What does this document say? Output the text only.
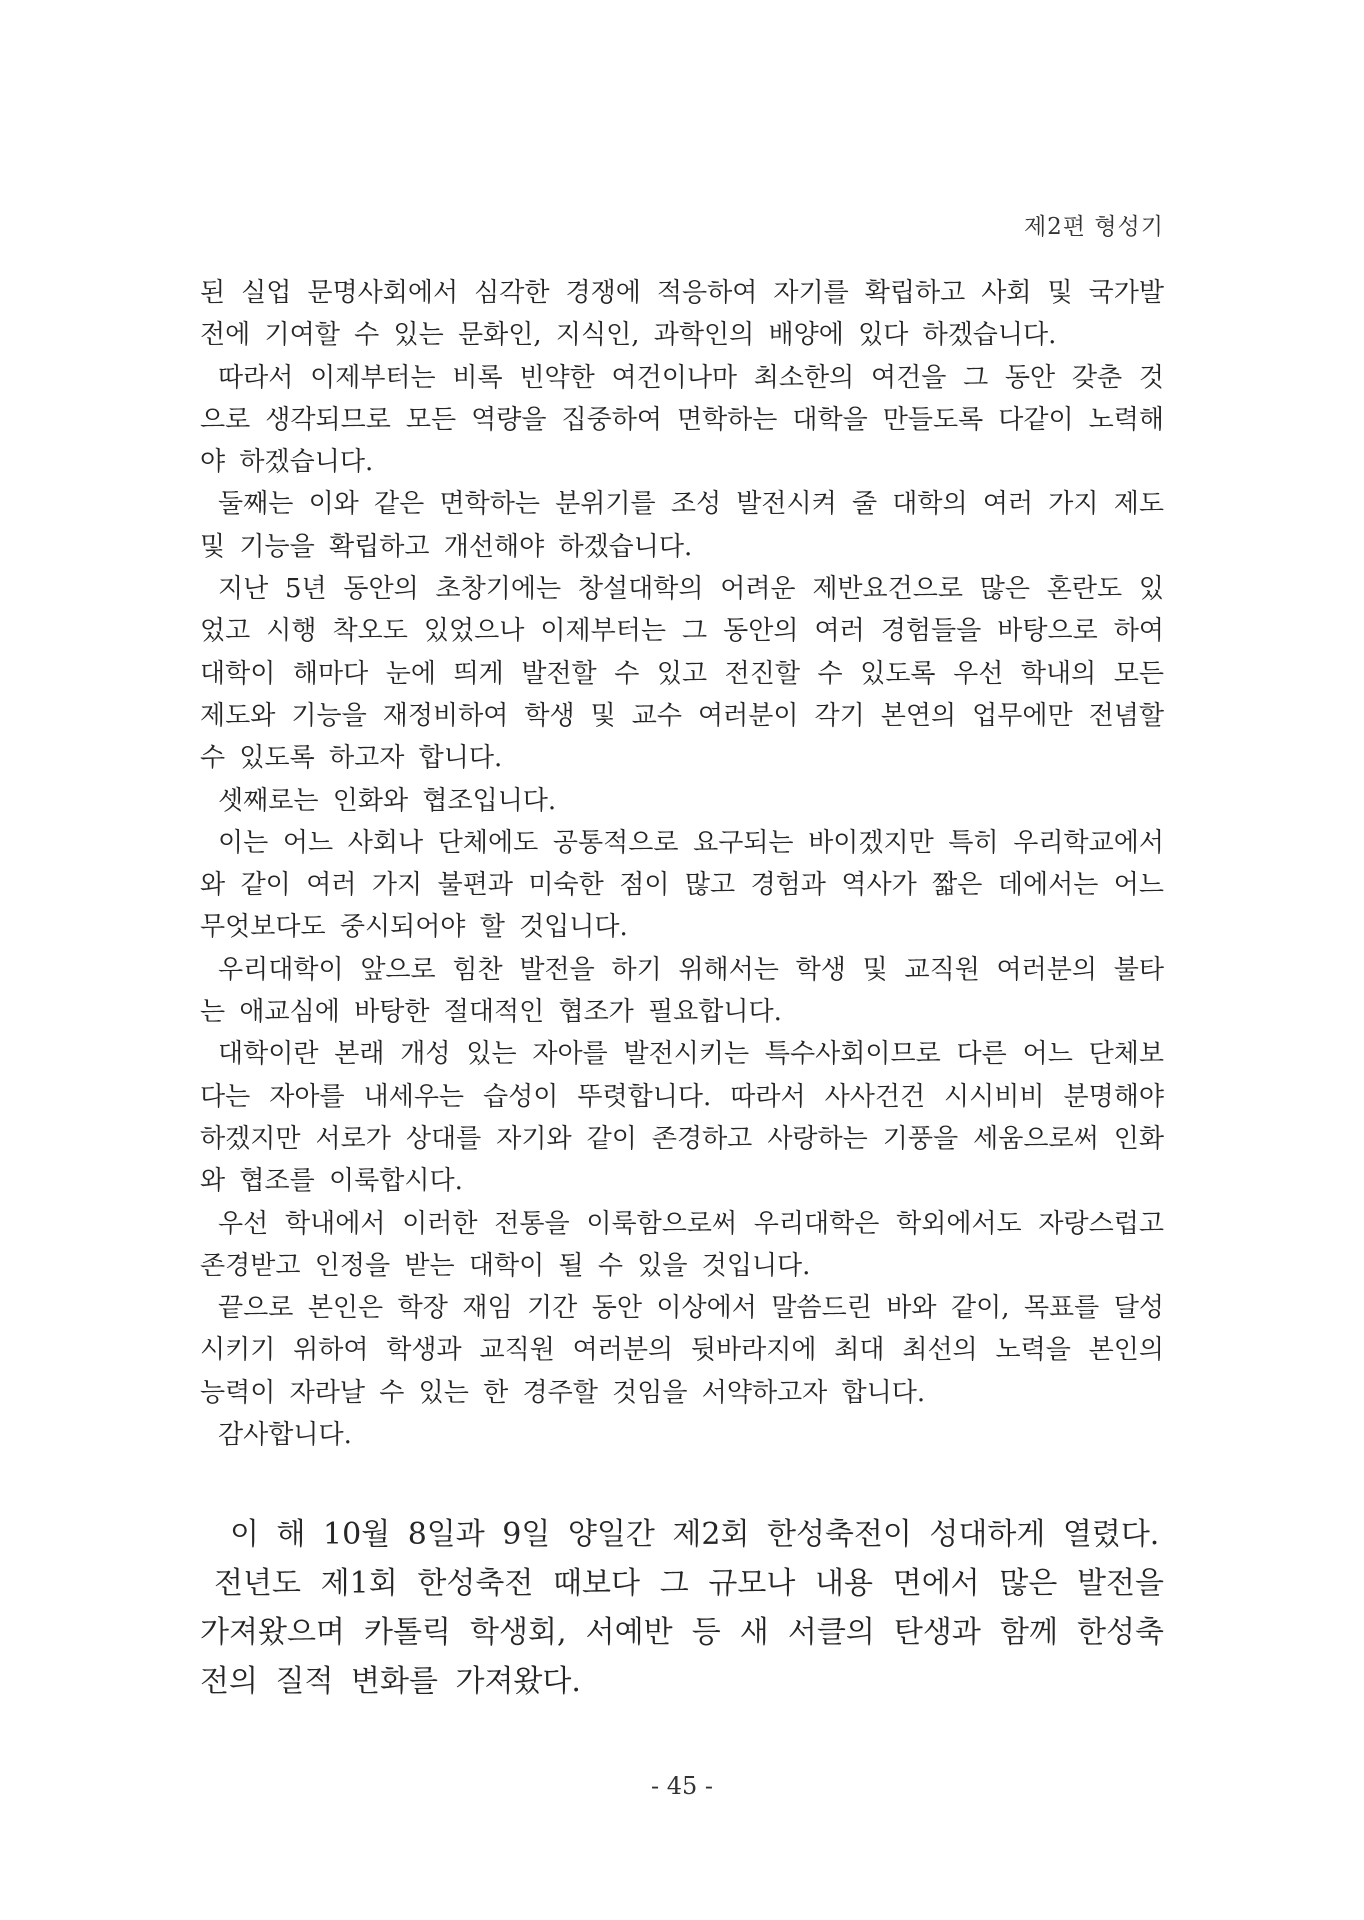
제2편 형성기

된 실업 문명사회에서 심각한 경쟁에 적응하여 자기를 확립하고 사회 및 국가발전에 기여할 수 있는 문화인, 지식인, 과학인의 배양에 있다 하겠습니다.

따라서 이제부터는 비록 빈약한 여건이나마 최소한의 여건을 그 동안 갖춘 것으로 생각되므로 모든 역량을 집중하여 면학하는 대학을 만들도록 다같이 노력해야 하겠습니다.

둘째는 이와 같은 면학하는 분위기를 조성 발전시켜 줄 대학의 여러 가지 제도 및 기능을 확립하고 개선해야 하겠습니다.

지난 5년 동안의 초창기에는 창설대학의 어려운 제반요건으로 많은 혼란도 있었고 시행 착오도 있었으나 이제부터는 그 동안의 여러 경험들을 바탕으로 하여 대학이 해마다 눈에 띄게 발전할 수 있고 전진할 수 있도록 우선 학내의 모든 제도와 기능을 재정비하여 학생 및 교수 여러분이 각기 본연의 업무에만 전념할 수 있도록 하고자 합니다.

셋째로는 인화와 협조입니다.

이는 어느 사회나 단체에도 공통적으로 요구되는 바이겠지만 특히 우리학교에서와 같이 여러 가지 불편과 미숙한 점이 많고 경험과 역사가 짧은 데에서는 어느 무엇보다도 중시되어야 할 것입니다.

우리대학이 앞으로 힘찬 발전을 하기 위해서는 학생 및 교직원 여러분의 불타는 애교심에 바탕한 절대적인 협조가 필요합니다.

대학이란 본래 개성 있는 자아를 발전시키는 특수사회이므로 다른 어느 단체보다는 자아를 내세우는 습성이 뚜렷합니다. 따라서 사사건건 시시비비 분명해야 하겠지만 서로가 상대를 자기와 같이 존경하고 사랑하는 기풍을 세움으로써 인화와 협조를 이룩합시다.

우선 학내에서 이러한 전통을 이룩함으로써 우리대학은 학외에서도 자랑스럽고 존경받고 인정을 받는 대학이 될 수 있을 것입니다.

끝으로 본인은 학장 재임 기간 동안 이상에서 말씀드린 바와 같이, 목표를 달성시키기 위하여 학생과 교직원 여러분의 뒷바라지에 최대 최선의 노력을 본인의 능력이 자라날 수 있는 한 경주할 것임을 서약하고자 합니다.

감사합니다.

이 해 10월 8일과 9일 양일간 제2회 한성축전이 성대하게 열렸다.

전년도 제1회 한성축전 때보다 그 규모나 내용 면에서 많은 발전을 가져왔으며 카톨릭 학생회, 서예반 등 새 서클의 탄생과 함께 한성축전의 질적 변화를 가져왔다.

- 45 -
